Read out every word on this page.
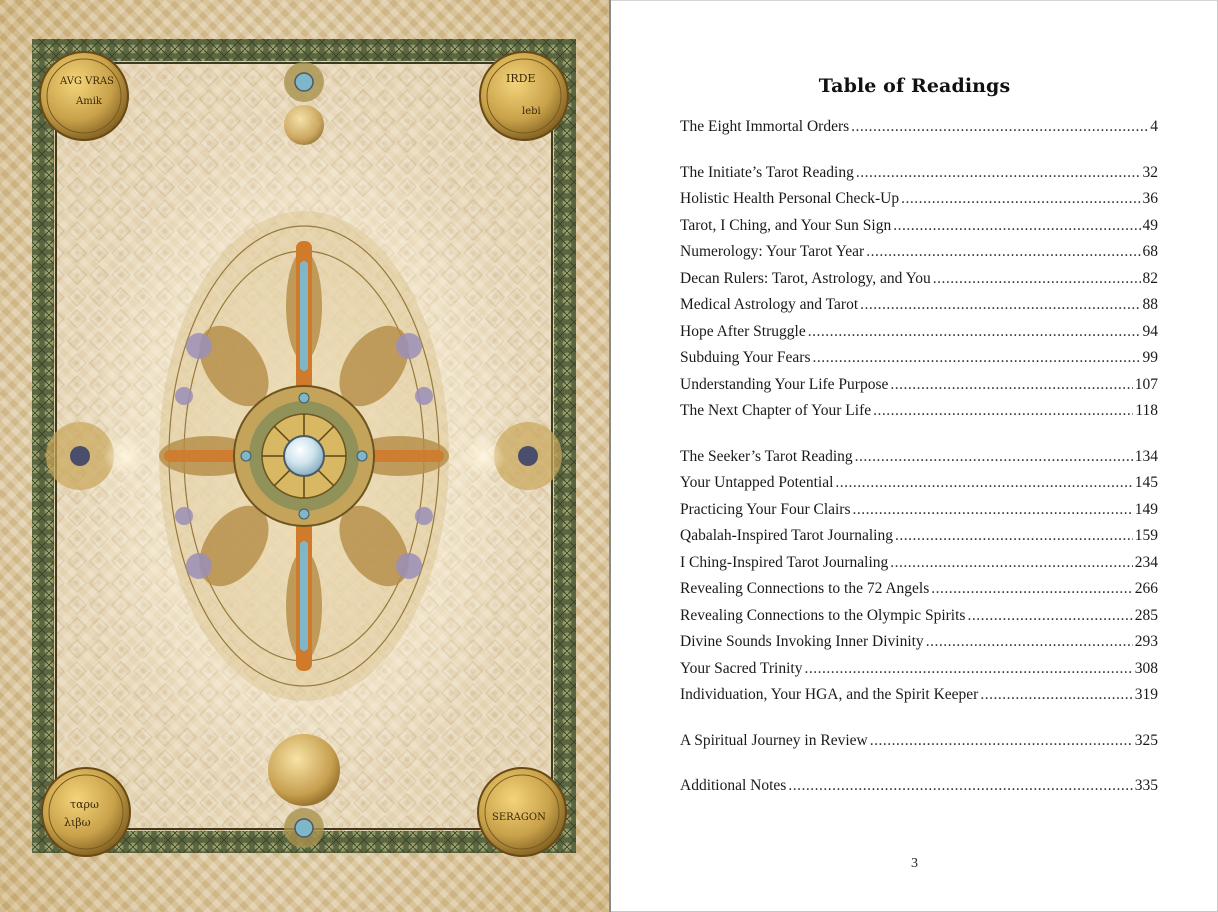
AVG VRAS
Amik
IRDE
lebi
ταρω
λιβω	SERAGON
Table of Readings
The Eight Immortal Orders .....	4
The Initiate’s Tarot Reading .....	32
Holistic Health Personal Check-Up .....	36
Tarot, I Ching, and Your Sun Sign .....	49
Numerology: Your Tarot Year .....	68
Decan Rulers: Tarot, Astrology, and You .....	82
Medical Astrology and Tarot .....	88
Hope After Struggle .....	94
Subduing Your Fears .....	99
Understanding Your Life Purpose .....	107
The Next Chapter of Your Life .....	118
The Seeker’s Tarot Reading .....	134
Your Untapped Potential .....	145
Practicing Your Four Clairs .....	149
Qabalah-Inspired Tarot Journaling .....	159
I Ching-Inspired Tarot Journaling .....	234
Revealing Connections to the 72 Angels .....	266
Revealing Connections to the Olympic Spirits .....	285
Divine Sounds Invoking Inner Divinity .....	293
Your Sacred Trinity .....	308
Individuation, Your HGA, and the Spirit Keeper .....	319
A Spiritual Journey in Review .....	325
Additional Notes .....	335
3
